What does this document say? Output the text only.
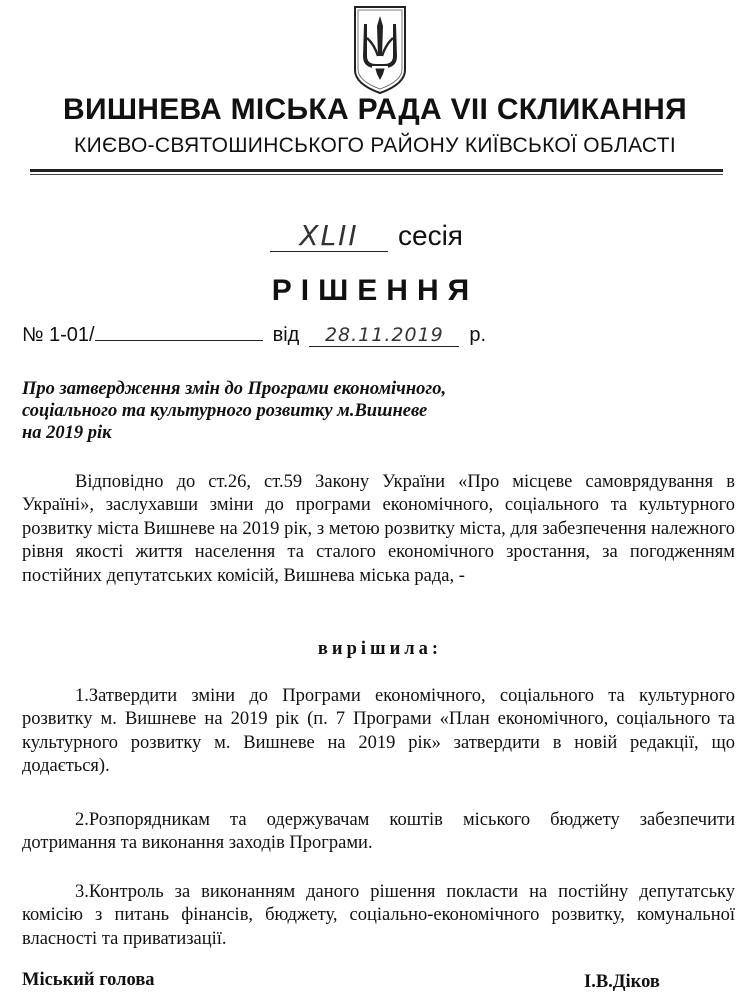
ВИШНЕВА МІСЬКА РАДА VII СКЛИКАННЯ
КИЄВО-СВЯТОШИНСЬКОГО РАЙОНУ КИЇВСЬКОЇ ОБЛАСТІ
XLII сесія
РІШЕННЯ
№ 1-01/	від 28.11.2019 р.
Про затвердження змін до Програми економічного,
соціального та культурного розвитку м.Вишневе
на 2019 рік
Відповідно до ст.26, ст.59 Закону України «Про місцеве самоврядування в Україні», заслухавши зміни до програми економічного, соціального та культурного розвитку міста Вишневе на 2019 рік, з метою розвитку міста, для забезпечення належного рівня якості життя населення та сталого економічного зростання, за погодженням постійних депутатських комісій, Вишнева міська рада, -
вирішила:
1.Затвердити зміни до Програми економічного, соціального та культурного розвитку м. Вишневе на 2019 рік (п. 7 Програми «План економічного, соціального та культурного розвитку м. Вишневе на 2019 рік» затвердити в новій редакції, що додається).
2.Розпорядникам та одержувачам коштів міського бюджету забезпечити дотримання та виконання заходів Програми.
3.Контроль за виконанням даного рішення покласти на постійну депутатську комісію з питань фінансів, бюджету, соціально-економічного розвитку, комунальної власності та приватизації.
Міський голова	І.В.Діков
